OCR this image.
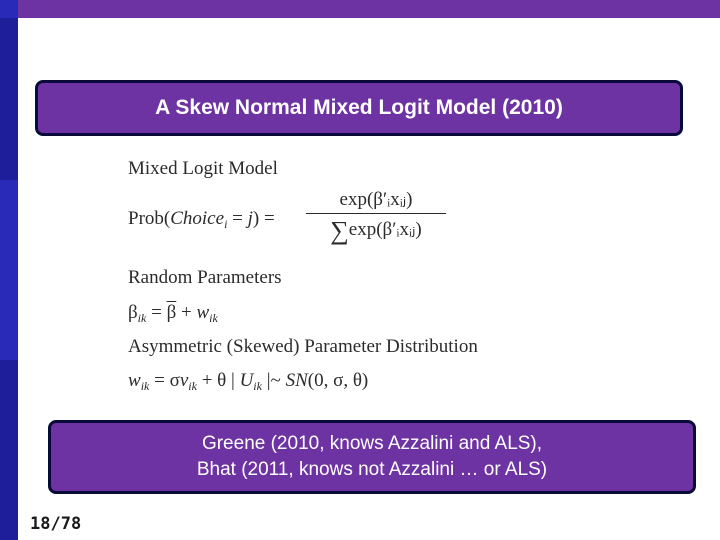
A Skew Normal Mixed Logit Model (2010)
Mixed Logit Model
Prob(Choice$_i$ = j) =
exp(β′ᵢxᵢⱼ)
∑exp(β′ᵢxᵢⱼ)
Random Parameters
$\beta_{ik} = \overline{\beta} + w_{ik}$
Asymmetric (Skewed) Parameter Distribution
$w_{ik} = \sigma v_{ik} + \theta$ | $U_{ik}$ |~ SN(0, σ, θ)
Greene (2010, knows Azzalini and ALS),
Bhat (2011, knows not Azzalini … or ALS)
18/78
